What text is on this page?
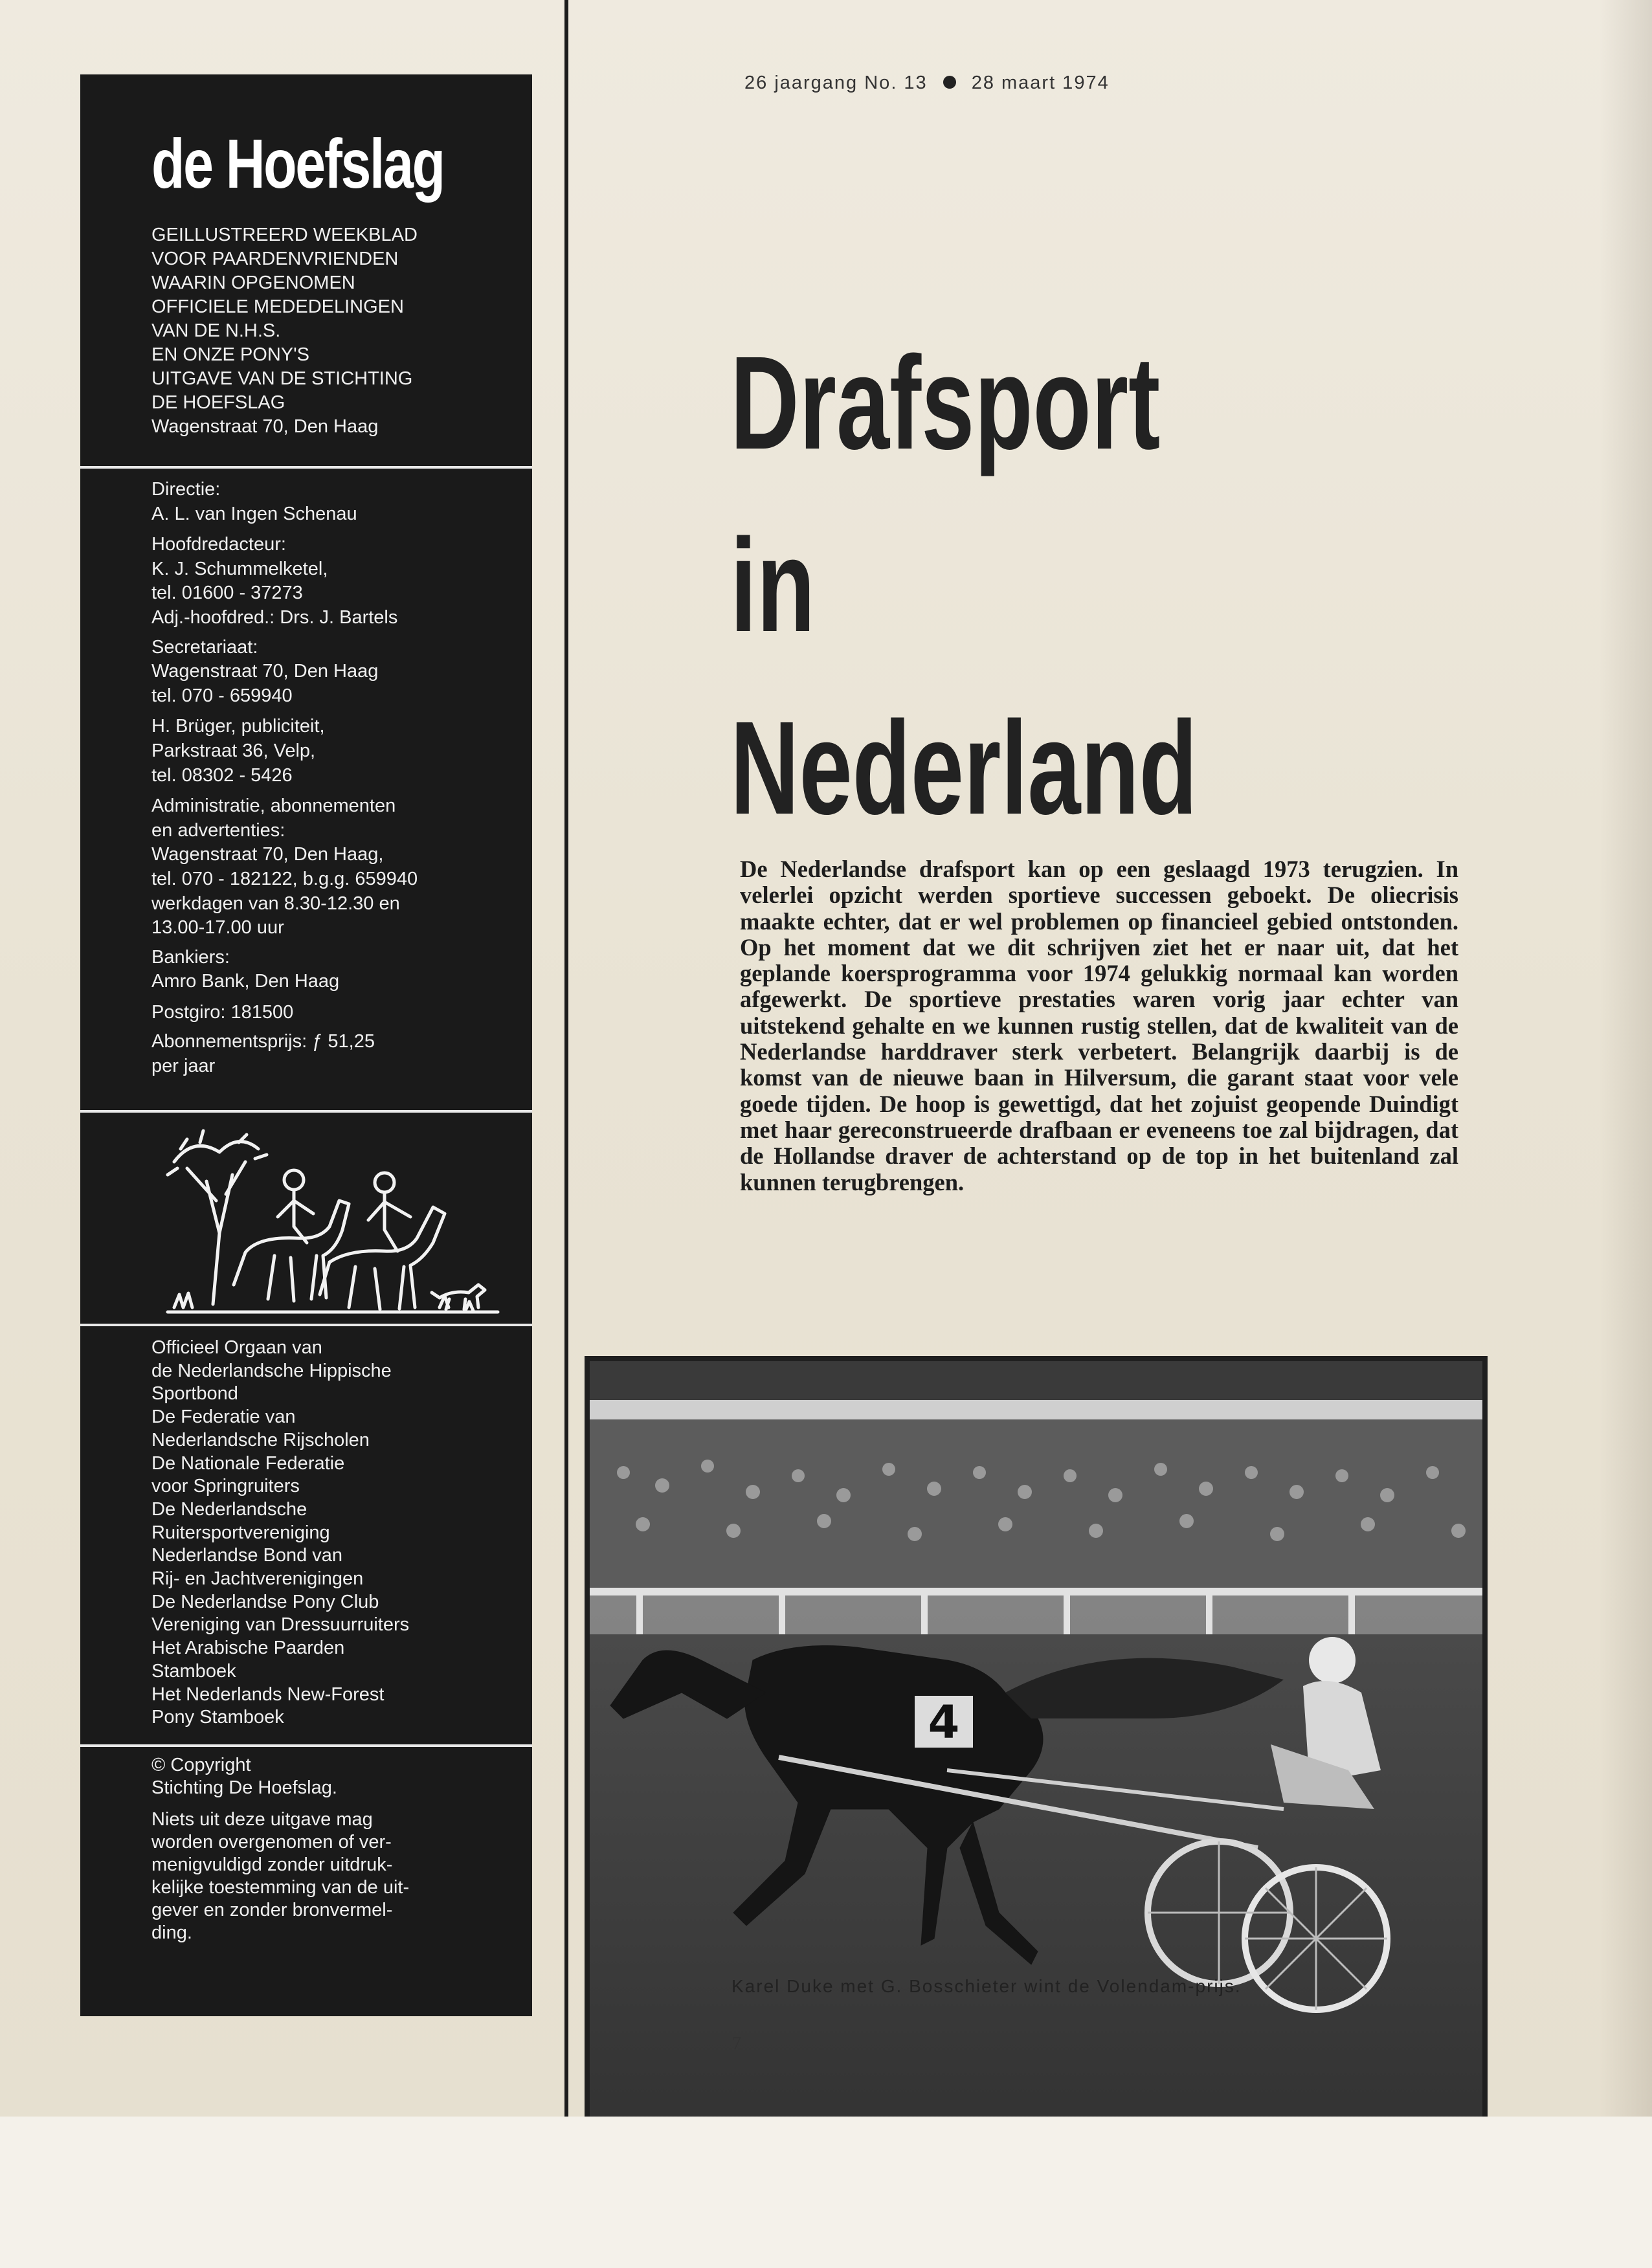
de Hoefslag
GEILLUSTREERD WEEKBLAD
VOOR PAARDENVRIENDEN
WAARIN OPGENOMEN
OFFICIELE MEDEDELINGEN
VAN DE N.H.S.
EN ONZE PONY'S
UITGAVE VAN DE STICHTING
DE HOEFSLAG
Wagenstraat 70, Den Haag
Directie:
A. L. van Ingen Schenau
Hoofdredacteur:
K. J. Schummelketel,
tel. 01600 - 37273
Adj.-hoofdred.: Drs. J. Bartels
Secretariaat:
Wagenstraat 70, Den Haag
tel. 070 - 659940
H. Brüger, publiciteit,
Parkstraat 36, Velp,
tel. 08302 - 5426
Administratie, abonnementen
en advertenties:
Wagenstraat 70, Den Haag,
tel. 070 - 182122, b.g.g. 659940
werkdagen van 8.30-12.30 en
13.00-17.00 uur
Bankiers:
Amro Bank, Den Haag
Postgiro: 181500
Abonnementsprijs: ƒ 51,25
per jaar
Officieel Orgaan van
de Nederlandsche Hippische
Sportbond
De Federatie van
Nederlandsche Rijscholen
De Nationale Federatie
voor Springruiters
De Nederlandsche
Ruitersportvereniging
Nederlandse Bond van
Rij- en Jachtverenigingen
De Nederlandse Pony Club
Vereniging van Dressuurruiters
Het Arabische Paarden
Stamboek
Het Nederlands New-Forest
Pony Stamboek
© Copyright
Stichting De Hoefslag.
Niets uit deze uitgave mag
worden overgenomen of ver-
menigvuldigd zonder uitdruk-
kelijke toestemming van de uit-
gever en zonder bronvermel-
ding.
26 jaargang No. 13 28 maart 1974
Drafsport
in
Nederland
De Nederlandse drafsport kan op een geslaagd 1973 terugzien. In velerlei opzicht werden sportieve successen geboekt. De oliecrisis maakte echter, dat er wel problemen op financieel gebied ontstonden. Op het moment dat we dit schrijven ziet het er naar uit, dat het geplande koersprogramma voor 1974 gelukkig normaal kan worden afgewerkt. De sportieve prestaties waren vorig jaar echter van uitstekend gehalte en we kunnen rustig stellen, dat de kwaliteit van de Nederlandse harddraver sterk verbetert. Belangrijk daarbij is de komst van de nieuwe baan in Hilversum, die garant staat voor vele goede tijden. De hoop is gewettigd, dat het zojuist geopende Duindigt met haar gereconstrueerde drafbaan er eveneens toe zal bijdragen, dat de Hollandse draver de achterstand op de top in het buitenland zal kunnen terugbrengen.
4
Karel Duke met G. Bosschieter wint de Volendam-prijs.
7
